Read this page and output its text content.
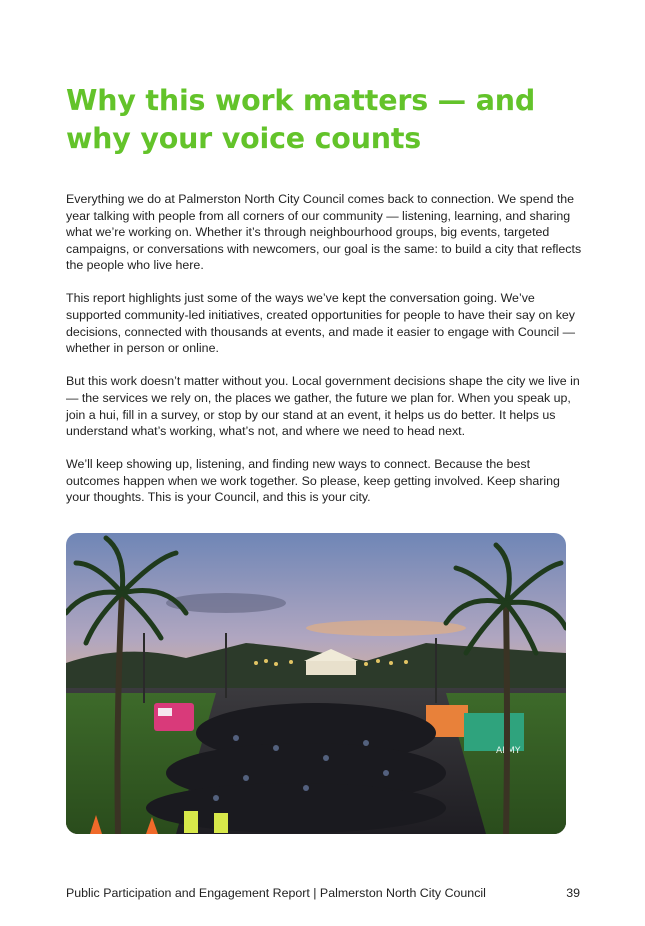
Why this work matters — and why your voice counts

Everything we do at Palmerston North City Council comes back to connection. We spend the year talking with people from all corners of our community — listening, learning, and sharing what we’re working on. Whether it’s through neighbourhood groups, big events, targeted campaigns, or conversations with newcomers, our goal is the same: to build a city that reflects the people who live here.

This report highlights just some of the ways we’ve kept the conversation going. We’ve supported community-led initiatives, created opportunities for people to have their say on key decisions, connected with thousands at events, and made it easier to engage with Council — whether in person or online.

But this work doesn’t matter without you. Local government decisions shape the city we live in — the services we rely on, the places we gather, the future we plan for. When you speak up, join a hui, fill in a survey, or stop by our stand at an event, it helps us do better. It helps us understand what’s working, what’s not, and where we need to head next.

We’ll keep showing up, listening, and finding new ways to connect. Because the best outcomes happen when we work together. So please, keep getting involved. Keep sharing your thoughts. This is your Council, and this is your city.

ALMY
Public Participation and Engagement Report | Palmerston North City Council	39
